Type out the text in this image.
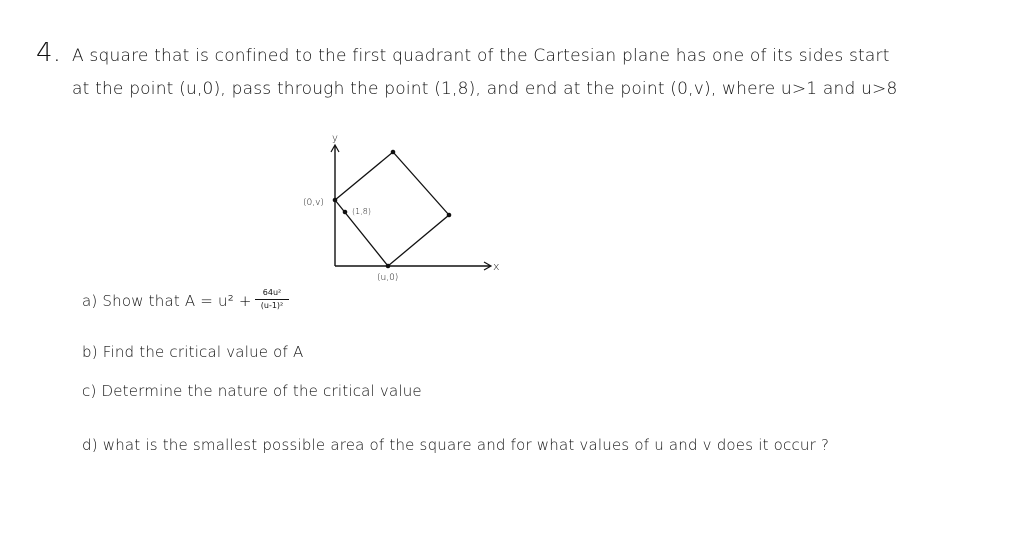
4. A square that is confined to the first quadrant of the Cartesian plane has one of its sides start
at the point (u,0), pass through the point (1,8), and end at the point (0,v), where u>1 and u>8
y
x
(0,v)
(1,8)
(u,0)
a) Show that A = u² +	64u²
(u-1)²
b) Find the critical value of A
c) Determine the nature of the critical value
d) what is the smallest possible area of the square and for what values of u and v does it occur ?
